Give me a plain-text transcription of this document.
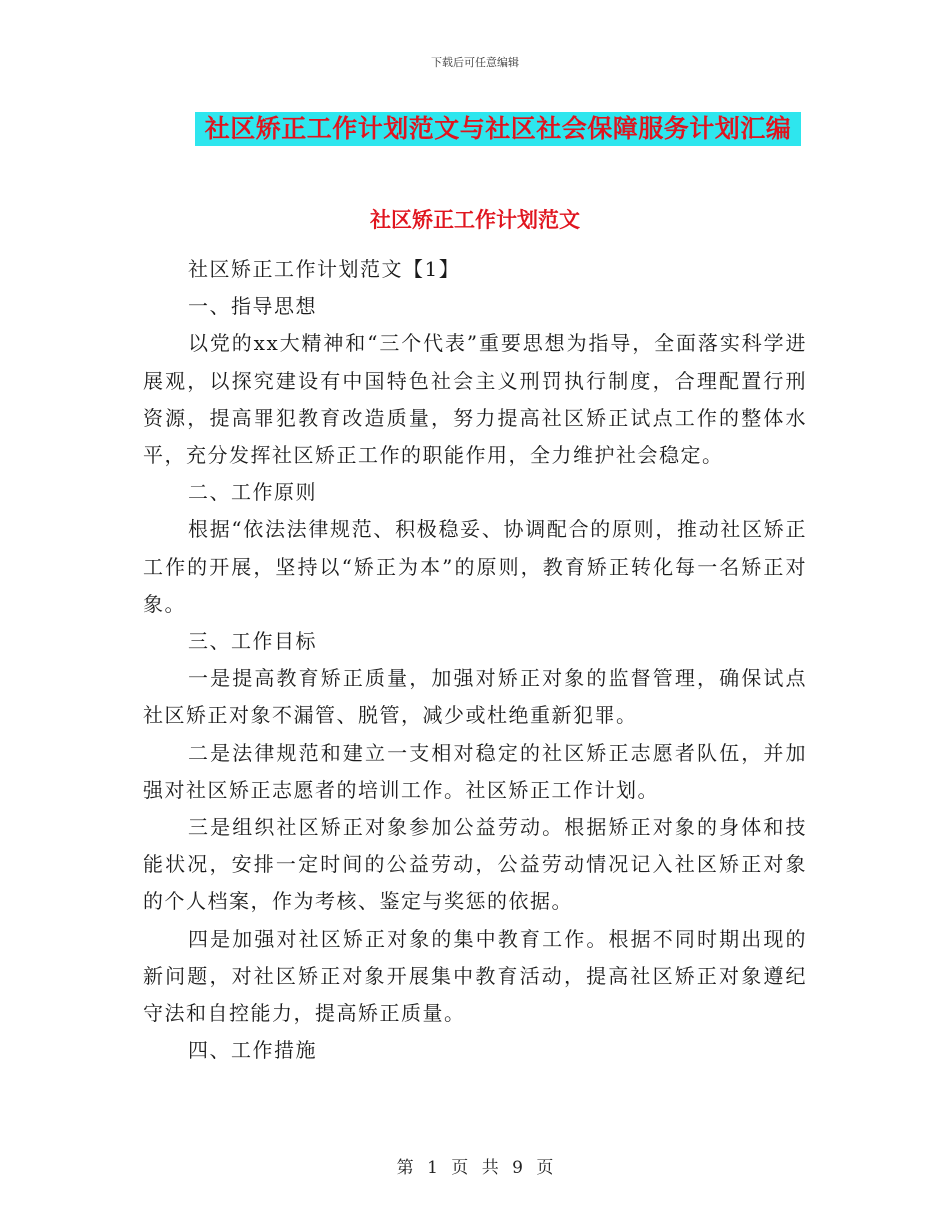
下载后可任意编辑
社区矫正工作计划范文与社区社会保障服务计划汇编
社区矫正工作计划范文

社区矫正工作计划范文【1】

一、指导思想

以党的xx大精神和“三个代表”重要思想为指导，全面落实科学进展观，以探究建设有中国特色社会主义刑罚执行制度，合理配置行刑资源，提高罪犯教育改造质量，努力提高社区矫正试点工作的整体水平，充分发挥社区矫正工作的职能作用，全力维护社会稳定。

二、工作原则

根据“依法法律规范、积极稳妥、协调配合的原则，推动社区矫正工作的开展，坚持以“矫正为本”的原则，教育矫正转化每一名矫正对象。

三、工作目标

一是提高教育矫正质量，加强对矫正对象的监督管理，确保试点社区矫正对象不漏管、脱管，减少或杜绝重新犯罪。

二是法律规范和建立一支相对稳定的社区矫正志愿者队伍，并加强对社区矫正志愿者的培训工作。社区矫正工作计划。

三是组织社区矫正对象参加公益劳动。根据矫正对象的身体和技能状况，安排一定时间的公益劳动，公益劳动情况记入社区矫正对象的个人档案，作为考核、鉴定与奖惩的依据。

四是加强对社区矫正对象的集中教育工作。根据不同时期出现的新问题，对社区矫正对象开展集中教育活动，提高社区矫正对象遵纪守法和自控能力，提高矫正质量。

四、工作措施

第 1 页 共 9 页
